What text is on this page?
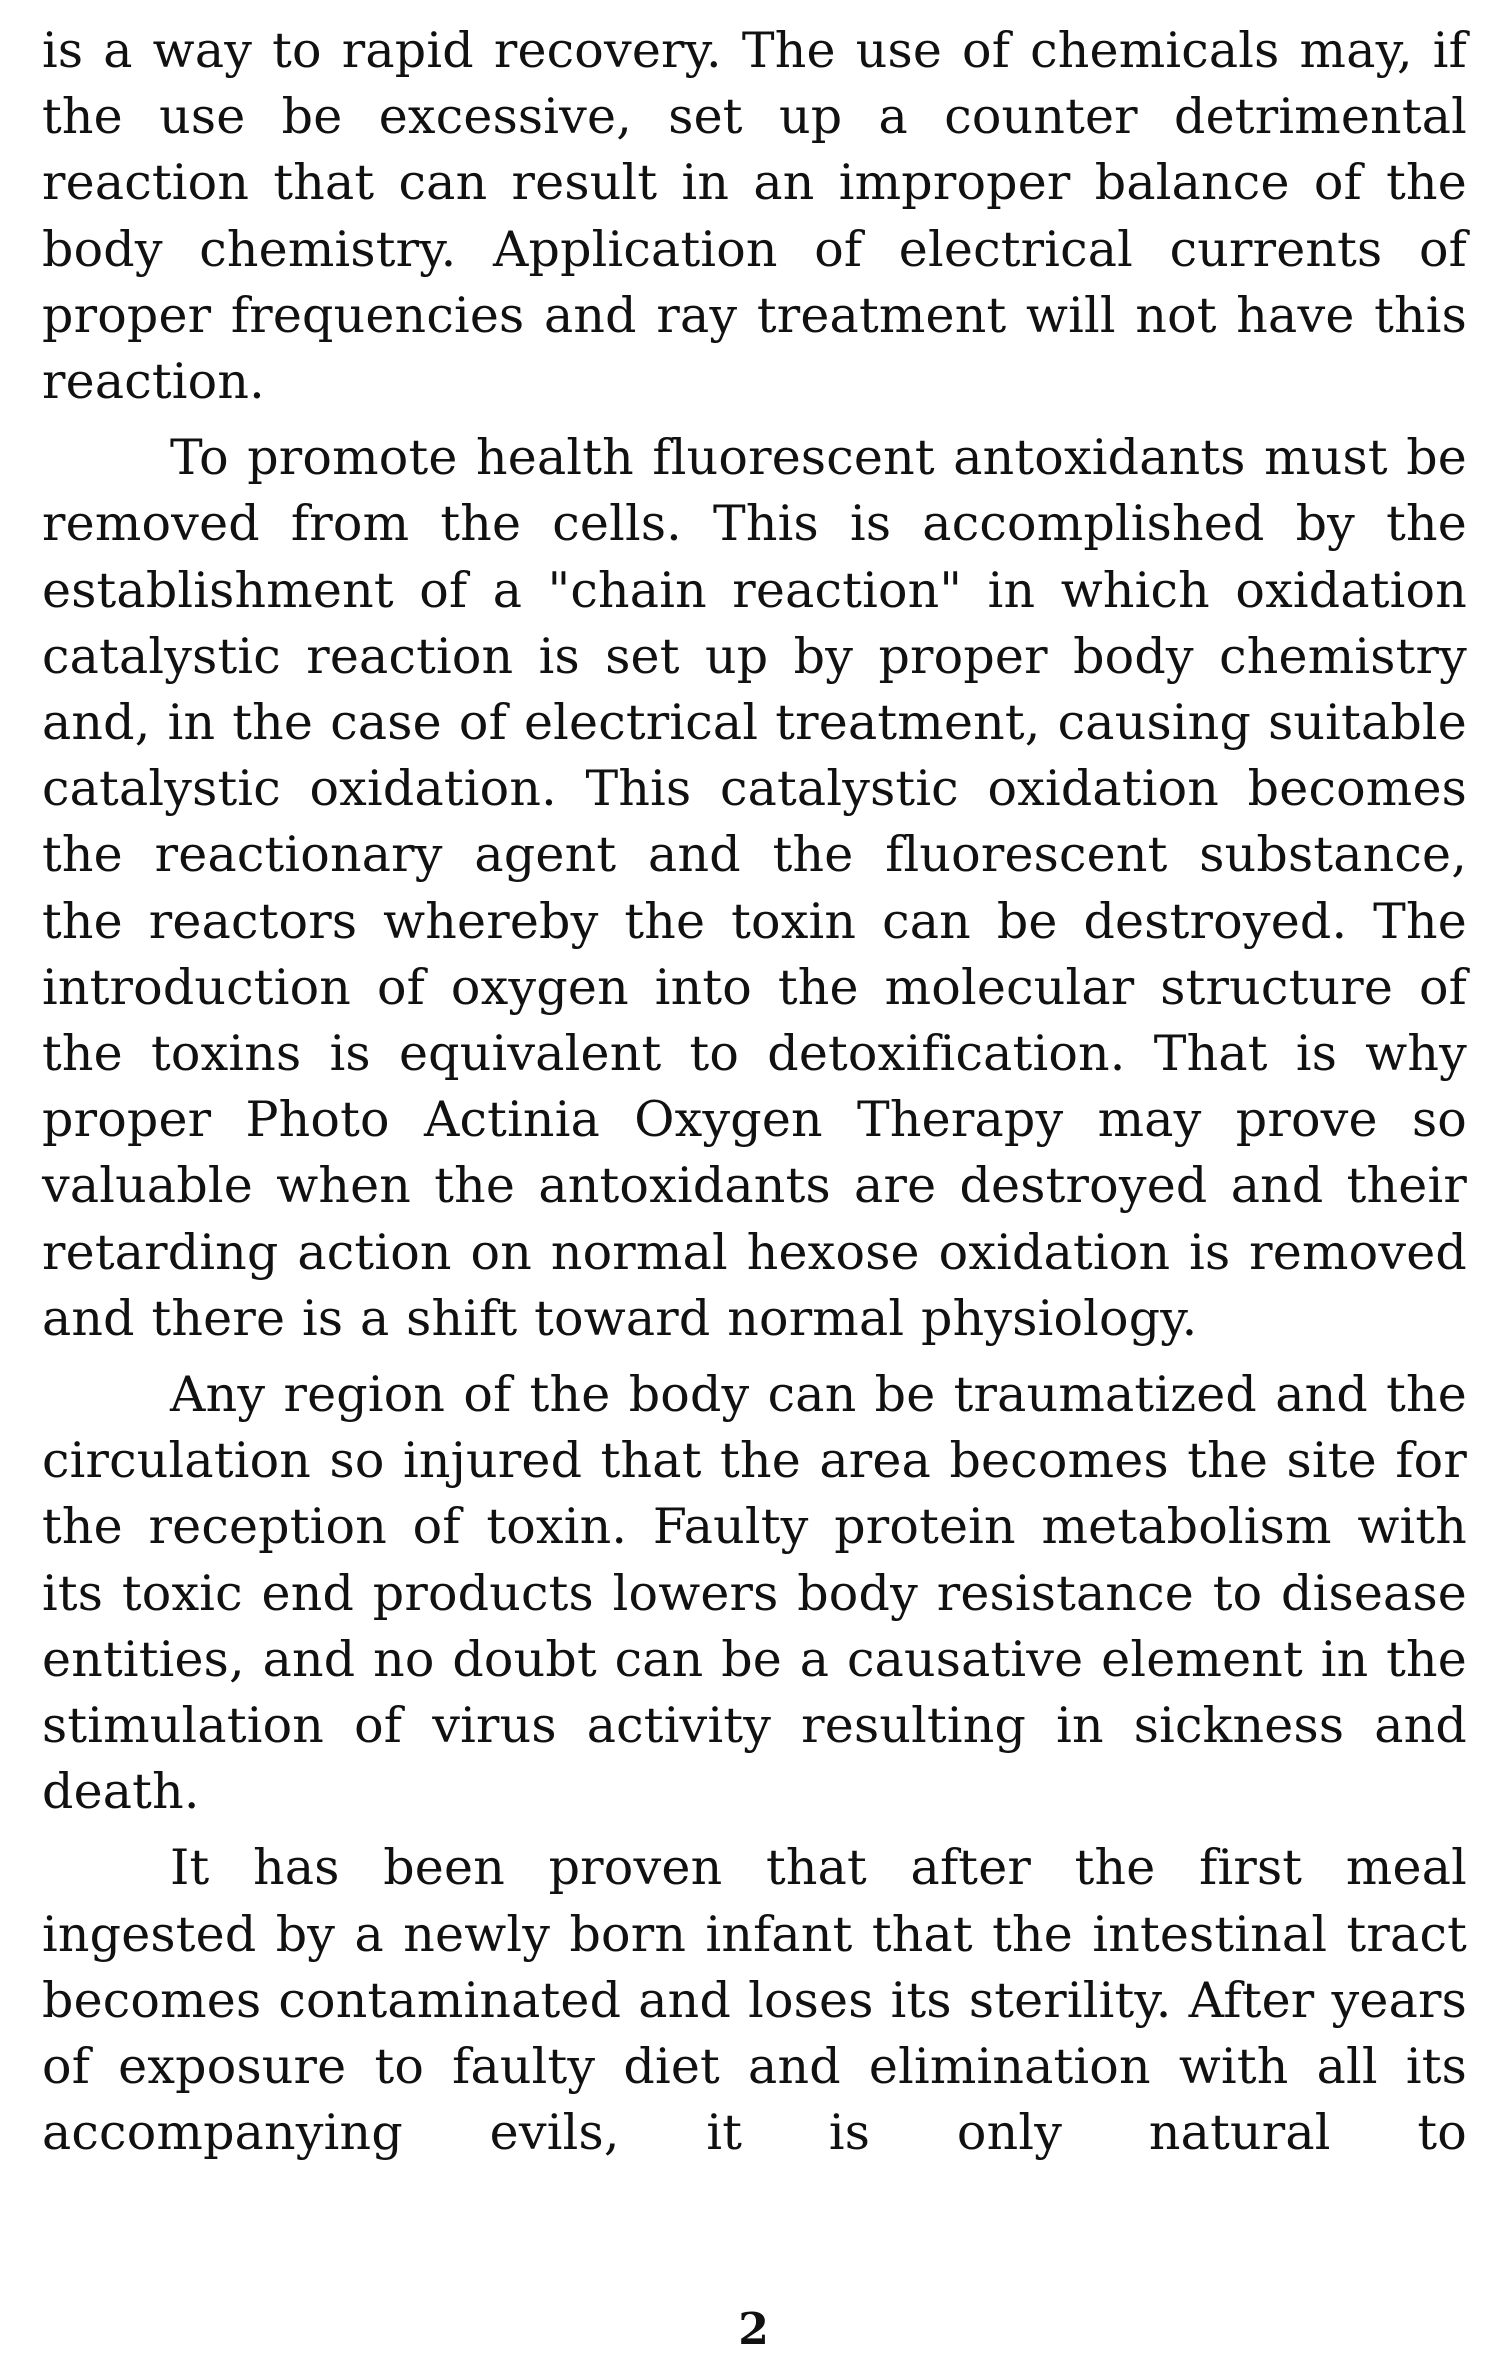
is a way to rapid recovery. The use of chemicals may, if the use be excessive, set up a counter detrimental reaction that can result in an improper balance of the body chemistry. Application of electrical currents of proper frequencies and ray treatment will not have this reaction.

To promote health fluorescent antoxidants must be removed from the cells. This is accomplished by the establishment of a "chain reaction" in which oxidation catalystic reaction is set up by proper body chemistry and, in the case of electrical treatment, causing suitable catalystic oxidation. This catalystic oxidation becomes the reactionary agent and the fluorescent substance, the reactors whereby the toxin can be destroyed. The introduction of oxygen into the molecular structure of the toxins is equivalent to detoxification. That is why proper Photo Actinia Oxygen Therapy may prove so valuable when the antoxidants are destroyed and their retarding action on normal hexose oxidation is removed and there is a shift toward normal physiology.

Any region of the body can be traumatized and the circulation so injured that the area becomes the site for the reception of toxin. Faulty protein metabolism with its toxic end products lowers body resistance to disease entities, and no doubt can be a causative element in the stimulation of virus activity resulting in sickness and death.

It has been proven that after the first meal ingested by a newly born infant that the intestinal tract becomes contaminated and loses its sterility. After years of exposure to faulty diet and elimination with all its accompanying evils, it is only natural to

2
